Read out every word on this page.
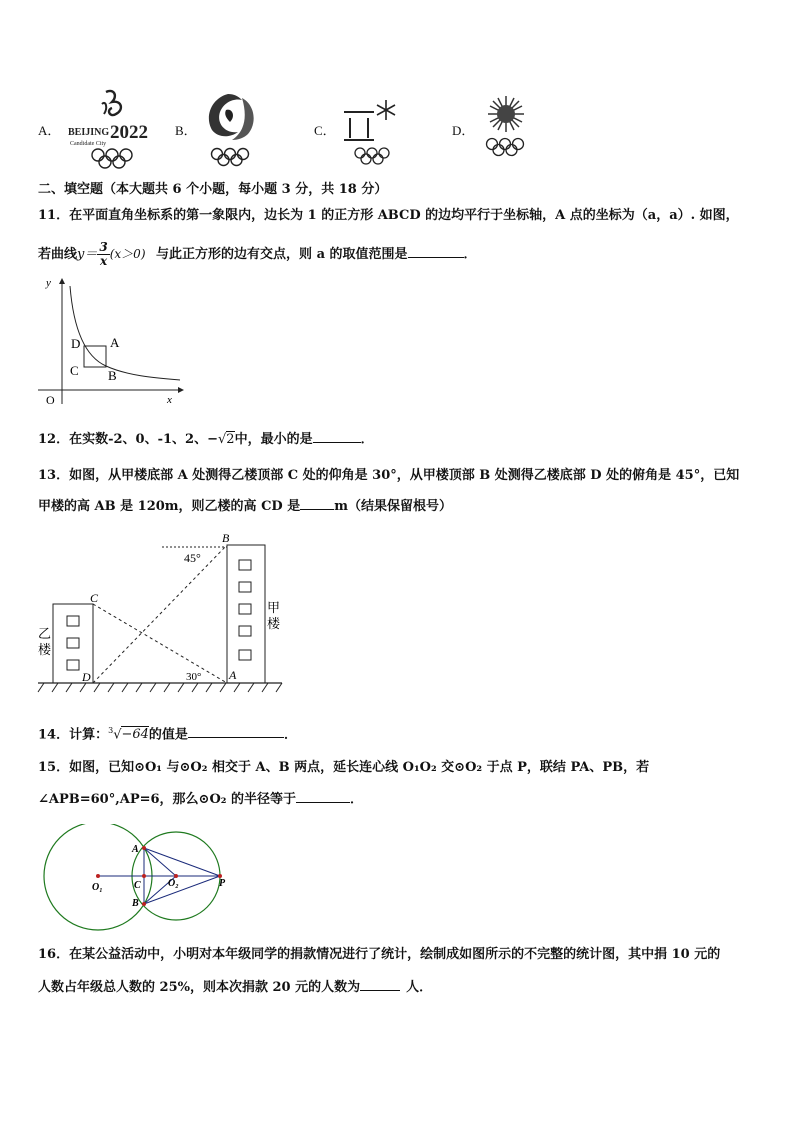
A． BEIJING 2022
Candidate City
B．	C．	D．
二、填空题（本大题共 6 个小题，每小题 3 分，共 18 分）
11．在平面直角坐标系的第一象限内，边长为 1 的正方形 ABCD 的边均平行于坐标轴，A 点的坐标为（a，a）. 如图，
若曲线$y= \frac{3}{x}(x>0)$ 与此正方形的边有交点，则 a 的取值范围是	．
y
x
O
A
B
C
D
12．在实数-2、0、-1、2、−√2中，最小的是	．
13．如图，从甲楼底部 A 处测得乙楼顶部 C 处的仰角是 30°，从甲楼顶部 B 处测得乙楼底部 D 处的俯角是 45°，已知
甲楼的高 AB 是 120m，则乙楼的高 CD 是	m（结果保留根号）
B
C
D	A
45°
30°
乙
楼
甲
楼
14．计算：$^3$√−64的值是	．
15．如图，已知⊙O₁ 与⊙O₂ 相交于 A、B 两点，延长连心线 O₁O₂ 交⊙O₂ 于点 P，联结 PA、PB，若
∠APB=60°,AP=6，那么⊙O₂ 的半径等于	．
A
B
C
O₁	O₂	P
16．在某公益活动中，小明对本年级同学的捐款情况进行了统计，绘制成如图所示的不完整的统计图，其中捐 10 元的
人数占年级总人数的 25%，则本次捐款 20 元的人数为	人．
